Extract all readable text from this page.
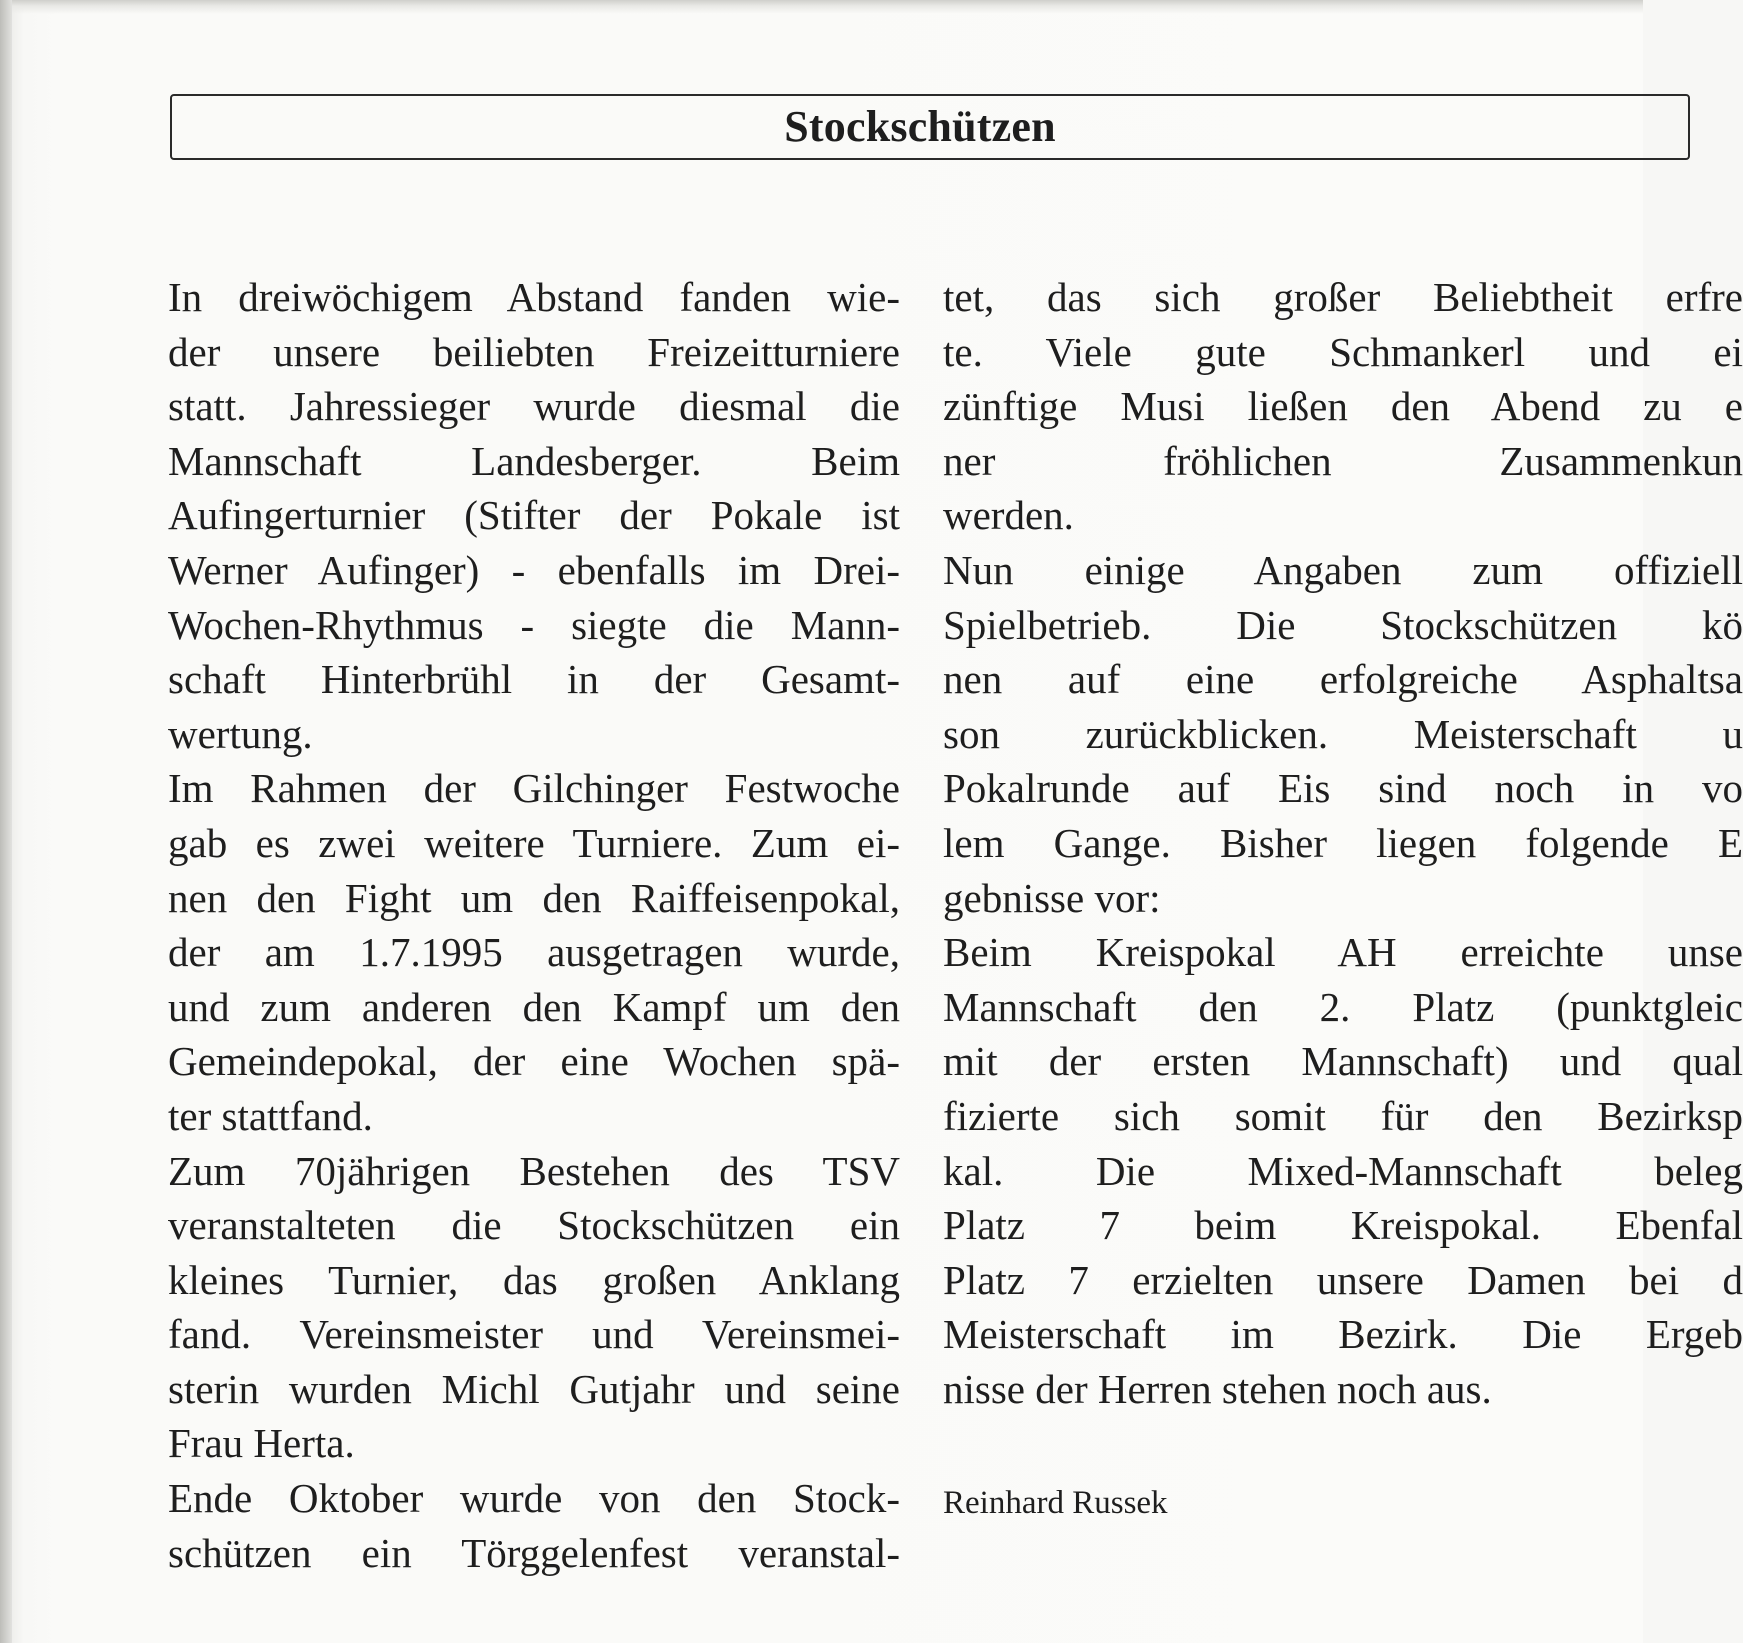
Stockschützen
In dreiwöchigem Abstand fanden wie-
der unsere beiliebten Freizeitturniere
statt. Jahressieger wurde diesmal die
Mannschaft Landesberger. Beim
Aufingerturnier (Stifter der Pokale ist
Werner Aufinger) - ebenfalls im Drei-
Wochen-Rhythmus - siegte die Mann-
schaft Hinterbrühl in der Gesamt-
wertung.
Im Rahmen der Gilchinger Festwoche
gab es zwei weitere Turniere. Zum ei-
nen den Fight um den Raiffeisenpokal,
der am 1.7.1995 ausgetragen wurde,
und zum anderen den Kampf um den
Gemeindepokal, der eine Wochen spä-
ter stattfand.
Zum 70jährigen Bestehen des TSV
veranstalteten die Stockschützen ein
kleines Turnier, das großen Anklang
fand. Vereinsmeister und Vereinsmei-
sterin wurden Michl Gutjahr und seine
Frau Herta.
Ende Oktober wurde von den Stock-
schützen ein Törggelenfest veranstal-
tet, das sich großer Beliebtheit erfre
te. Viele gute Schmankerl und ei
zünftige Musi ließen den Abend zu e
ner fröhlichen Zusammenkun
werden.
Nun einige Angaben zum offiziell
Spielbetrieb. Die Stockschützen kö
nen auf eine erfolgreiche Asphaltsa
son zurückblicken. Meisterschaft u
Pokalrunde auf Eis sind noch in vo
lem Gange. Bisher liegen folgende E
gebnisse vor:
Beim Kreispokal AH erreichte unse
Mannschaft den 2. Platz (punktgleic
mit der ersten Mannschaft) und qual
fizierte sich somit für den Bezirksp
kal. Die Mixed-Mannschaft beleg
Platz 7 beim Kreispokal. Ebenfal
Platz 7 erzielten unsere Damen bei d
Meisterschaft im Bezirk. Die Ergeb
nisse der Herren stehen noch aus.
Reinhard Russek
